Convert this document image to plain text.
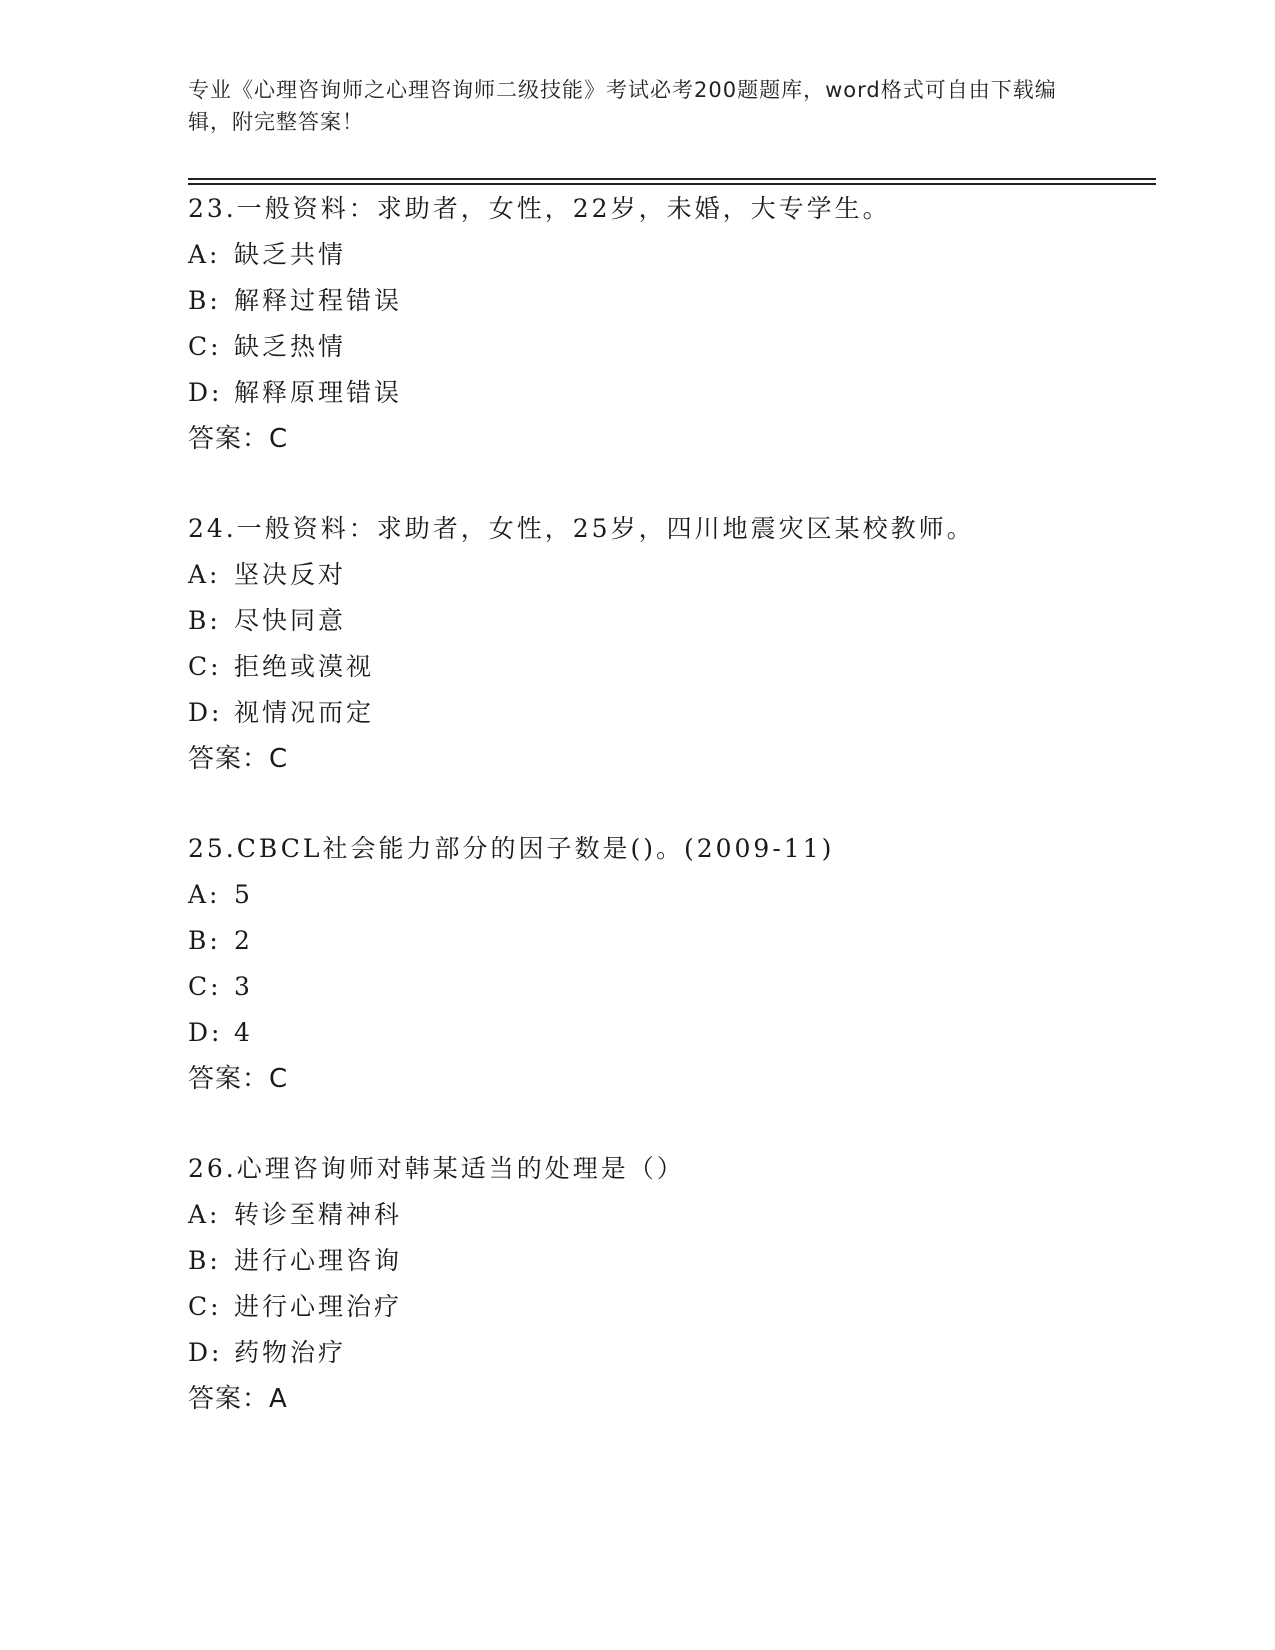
专业《心理咨询师之心理咨询师二级技能》考试必考200题题库，word格式可自由下载编辑，附完整答案！
23.一般资料：求助者，女性，22岁，未婚，大专学生。
A: 缺乏共情
B: 解释过程错误
C: 缺乏热情
D: 解释原理错误
答案：C
24.一般资料：求助者，女性，25岁，四川地震灾区某校教师。
A: 坚决反对
B: 尽快同意
C: 拒绝或漠视
D: 视情况而定
答案：C
25.CBCL社会能力部分的因子数是()。(2009-11)
A: 5
B: 2
C: 3
D: 4
答案：C
26.心理咨询师对韩某适当的处理是（）
A: 转诊至精神科
B: 进行心理咨询
C: 进行心理治疗
D: 药物治疗
答案：A
